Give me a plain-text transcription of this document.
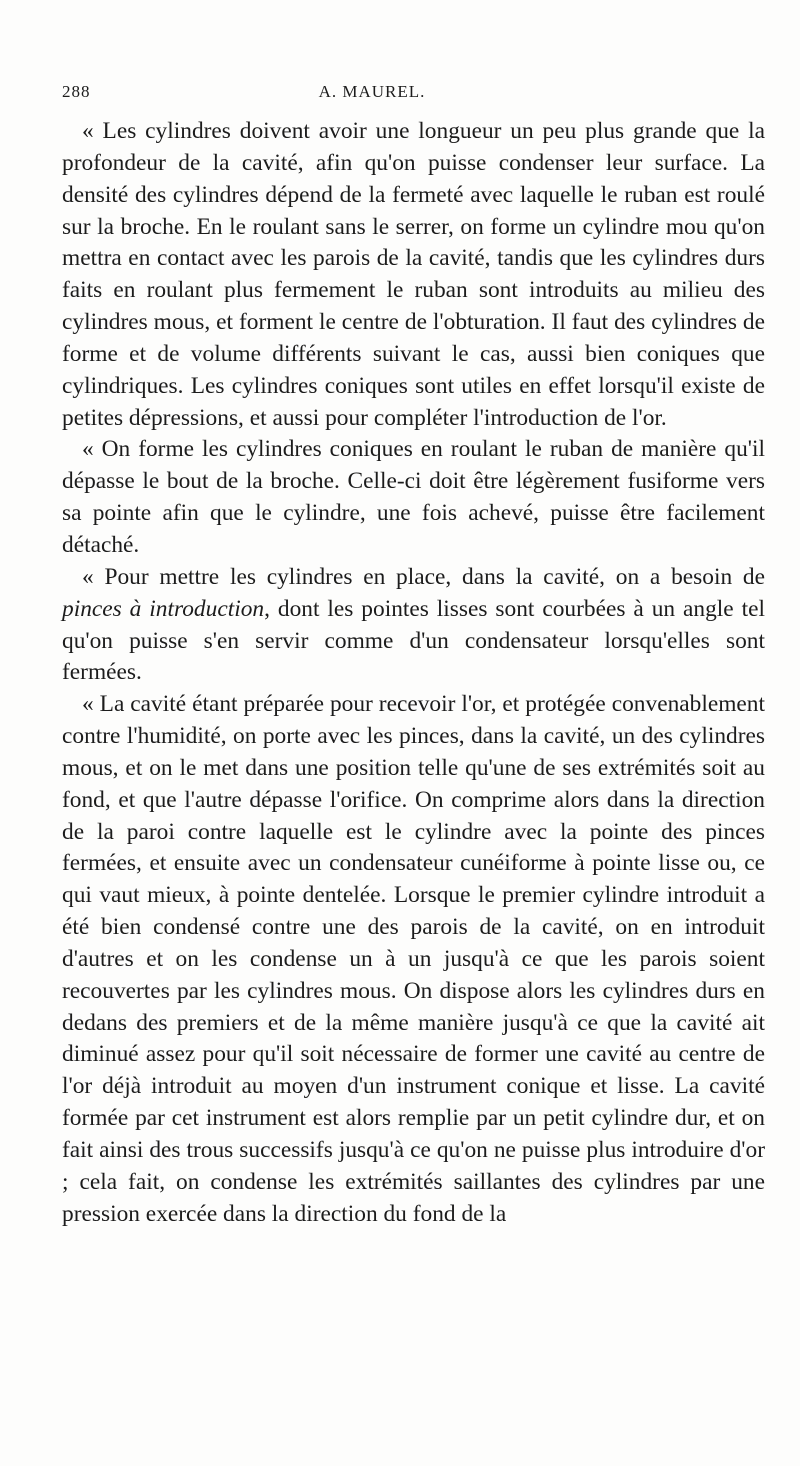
288	A. MAUREL.

« Les cylindres doivent avoir une longueur un peu plus grande que la profondeur de la cavité, afin qu'on puisse condenser leur surface. La densité des cylindres dépend de la fermeté avec laquelle le ruban est roulé sur la broche. En le roulant sans le serrer, on forme un cylindre mou qu'on mettra en contact avec les parois de la cavité, tandis que les cylindres durs faits en roulant plus fermement le ruban sont introduits au milieu des cylindres mous, et forment le centre de l'obturation. Il faut des cylindres de forme et de volume différents suivant le cas, aussi bien coniques que cylindriques. Les cylindres coniques sont utiles en effet lorsqu'il existe de petites dépressions, et aussi pour compléter l'introduction de l'or.

« On forme les cylindres coniques en roulant le ruban de manière qu'il dépasse le bout de la broche. Celle-ci doit être légèrement fusiforme vers sa pointe afin que le cylindre, une fois achevé, puisse être facilement détaché.

« Pour mettre les cylindres en place, dans la cavité, on a besoin de pinces à introduction, dont les pointes lisses sont courbées à un angle tel qu'on puisse s'en servir comme d'un condensateur lorsqu'elles sont fermées.

« La cavité étant préparée pour recevoir l'or, et protégée convenablement contre l'humidité, on porte avec les pinces, dans la cavité, un des cylindres mous, et on le met dans une position telle qu'une de ses extrémités soit au fond, et que l'autre dépasse l'orifice. On comprime alors dans la direction de la paroi contre laquelle est le cylindre avec la pointe des pinces fermées, et ensuite avec un condensateur cunéiforme à pointe lisse ou, ce qui vaut mieux, à pointe dentelée. Lorsque le premier cylindre introduit a été bien condensé contre une des parois de la cavité, on en introduit d'autres et on les condense un à un jusqu'à ce que les parois soient recouvertes par les cylindres mous. On dispose alors les cylindres durs en dedans des premiers et de la même manière jusqu'à ce que la cavité ait diminué assez pour qu'il soit nécessaire de former une cavité au centre de l'or déjà introduit au moyen d'un instrument conique et lisse. La cavité formée par cet instrument est alors remplie par un petit cylindre dur, et on fait ainsi des trous successifs jusqu'à ce qu'on ne puisse plus introduire d'or ; cela fait, on condense les extrémités saillantes des cylindres par une pression exercée dans la direction du fond de la
